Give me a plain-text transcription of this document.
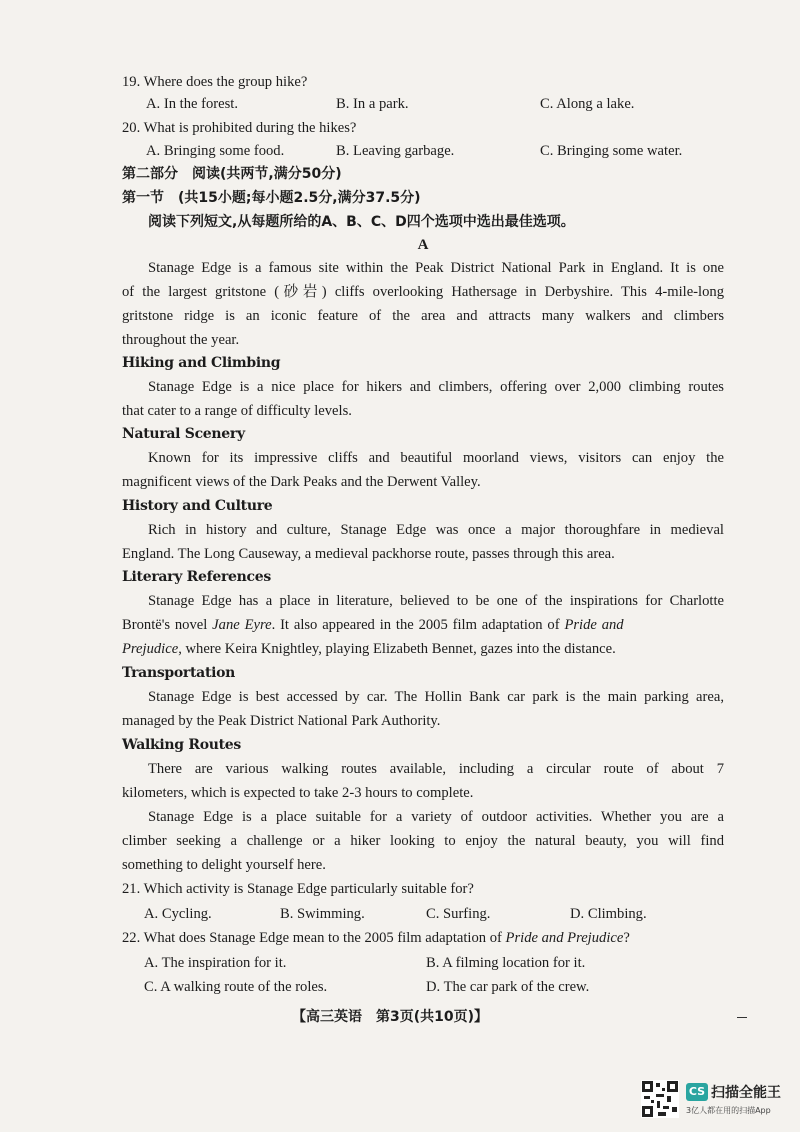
19. Where does the group hike?
A. In the forest.	B. In a park.	C. Along a lake.
20. What is prohibited during the hikes?
A. Bringing some food.	B. Leaving garbage.	C. Bringing some water.
第二部分　阅读(共两节,满分50分)
第一节　(共15小题;每小题2.5分,满分37.5分)
阅读下列短文,从每题所给的A、B、C、D四个选项中选出最佳选项。
A
Stanage Edge is a famous site within the Peak District National Park in England. It is one
of the largest gritstone (砂岩) cliffs overlooking Hathersage in Derbyshire. This 4-mile-long
gritstone ridge is an iconic feature of the area and attracts many walkers and climbers
throughout the year.
Hiking and Climbing
Stanage Edge is a nice place for hikers and climbers, offering over 2,000 climbing routes
that cater to a range of difficulty levels.
Natural Scenery
Known for its impressive cliffs and beautiful moorland views, visitors can enjoy the
magnificent views of the Dark Peaks and the Derwent Valley.
History and Culture
Rich in history and culture, Stanage Edge was once a major thoroughfare in medieval
England. The Long Causeway, a medieval packhorse route, passes through this area.
Literary References
Stanage Edge has a place in literature, believed to be one of the inspirations for Charlotte
Brontë's novel Jane Eyre. It also appeared in the 2005 film adaptation of Pride and
Prejudice, where Keira Knightley, playing Elizabeth Bennet, gazes into the distance.
Transportation
Stanage Edge is best accessed by car. The Hollin Bank car park is the main parking area,
managed by the Peak District National Park Authority.
Walking Routes
There are various walking routes available, including a circular route of about 7
kilometers, which is expected to take 2-3 hours to complete.
Stanage Edge is a place suitable for a variety of outdoor activities. Whether you are a
climber seeking a challenge or a hiker looking to enjoy the natural beauty, you will find
something to delight yourself here.
21. Which activity is Stanage Edge particularly suitable for?
A. Cycling.	B. Swimming.	C. Surfing.	D. Climbing.
22. What does Stanage Edge mean to the 2005 film adaptation of Pride and Prejudice?
A. The inspiration for it.	B. A filming location for it.
C. A walking route of the roles.	D. The car park of the crew.
【高三英语　第3页(共10页)】
CS 扫描全能王
3亿人都在用的扫描App
